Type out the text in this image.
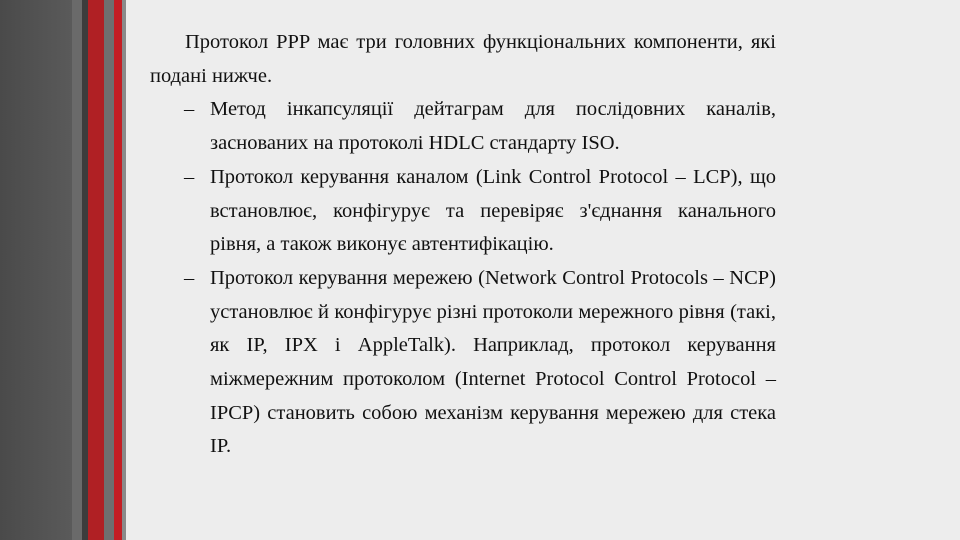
Протокол PPP має три головних функціональних компоненти, які подані нижче.
– Метод інкапсуляції дейтаграм для послідовних каналів, заснованих на протоколі HDLC стандарту ISO.
– Протокол керування каналом (Link Control Protocol – LCP), що встановлює, конфігурує та перевіряє з'єднання канального рівня, а також виконує автентифікацію.
– Протокол керування мережею (Network Control Protocols – NCP) установлює й конфігурує різні протоколи мережного рівня (такі, як IP, IPX і AppleTalk). Наприклад, протокол керування міжмережним протоколом (Internet Protocol Control Protocol – IPCP) становить собою механізм керування мережею для стека IP.
